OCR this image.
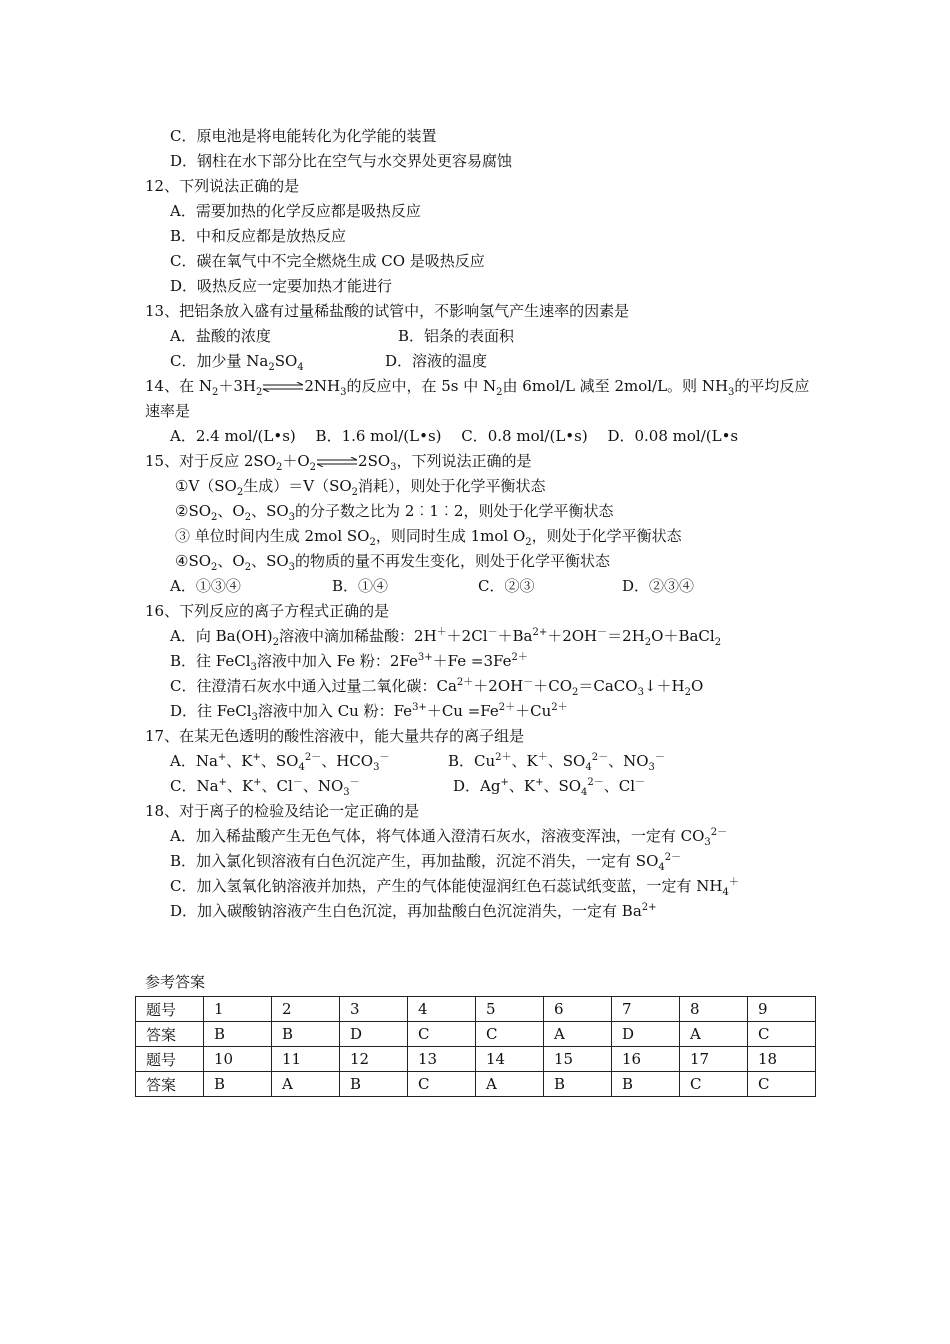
C．原电池是将电能转化为化学能的装置
D．钢柱在水下部分比在空气与水交界处更容易腐蚀
12、下列说法正确的是
A．需要加热的化学反应都是吸热反应
B．中和反应都是放热反应
C．碳在氧气中不完全燃烧生成 CO 是吸热反应
D．吸热反应一定要加热才能进行
13、把铝条放入盛有过量稀盐酸的试管中，不影响氢气产生速率的因素是
A．盐酸的浓度	B．铝条的表面积
C．加少量 $Na_2SO_4$	D．溶液的温度
14、在 $N_2+3H_2\rightleftharpoons 2NH_3$的反应中，在 5s 中 $N_2$由 6mol/L 减至 2mol/L。则 $NH_3$的平均反应
速率是
A．2.4 mol/(L•s)　 B．1.6 mol/(L•s)　 C．0.8 mol/(L•s)　 D．0.08 mol/(L•s
15、对于反应 $2SO_2+O_2\rightleftharpoons 2SO_3$，下列说法正确的是
$①V(SO_2$生成）$=V(SO_2$消耗），则处于化学平衡状态
$②SO_2$、$O_2$、$SO_3$的分子数之比为 2︰1︰2，则处于化学平衡状态
③ 单位时间内生成 2mol $SO_2$，则同时生成 1mol $O_2$，则处于化学平衡状态
$④SO_2$、$O_2$、$SO_3$的物质的量不再发生变化，则处于化学平衡状态
A．①③④	B．①④	C．②③	D．②③④
16、下列反应的离子方程式正确的是
A．向 $Ba(OH)_2$溶液中滴加稀盐酸：$2H^++2Cl^-+Ba^{2+}+2OH^-=2H_2O+BaCl_2$
B．往 FeCl$_3$溶液中加入 Fe 粉：$2Fe^{3+}+Fe =3Fe^{2+}$
C．往澄清石灰水中通入过量二氧化碳：$Ca^{2+}+2OH^-+CO_2=CaCO_3↓+H_2O$
D．往 FeCl$_3$溶液中加入 Cu 粉：$Fe^{3+}+Cu =Fe^{2+}+Cu^{2+}$
17、在某无色透明的酸性溶液中，能大量共存的离子组是
A．Na+、K+、$SO_4^{2-}$、$HCO_3^-$	B．$Cu^{2+}$、K＋、$SO_4^{2-}$、$NO_3^-$
C．Na+、K+、Cl－、$NO_3^-$	D．Ag+、K+、$SO_4^{2-}$、Cl－
18、对于离子的检验及结论一定正确的是
A．加入稀盐酸产生无色气体，将气体通入澄清石灰水，溶液变浑浊，一定有 $CO_3^{2-}$
B．加入氯化钡溶液有白色沉淀产生，再加盐酸，沉淀不消失，一定有 $SO_4^{2-}$
C．加入氢氧化钠溶液并加热，产生的气体能使湿润红色石蕊试纸变蓝，一定有 $NH_4^+$
D．加入碳酸钠溶液产生白色沉淀，再加盐酸白色沉淀消失，一定有 $Ba^{2+}$
参考答案
题号	1	2	3	4	5	6	7	8	9
答案	B	B	D	C	C	A	D	A	C
题号	10	11	12	13	14	15	16	17	18
答案	B	A	B	C	A	B	B	C	C
